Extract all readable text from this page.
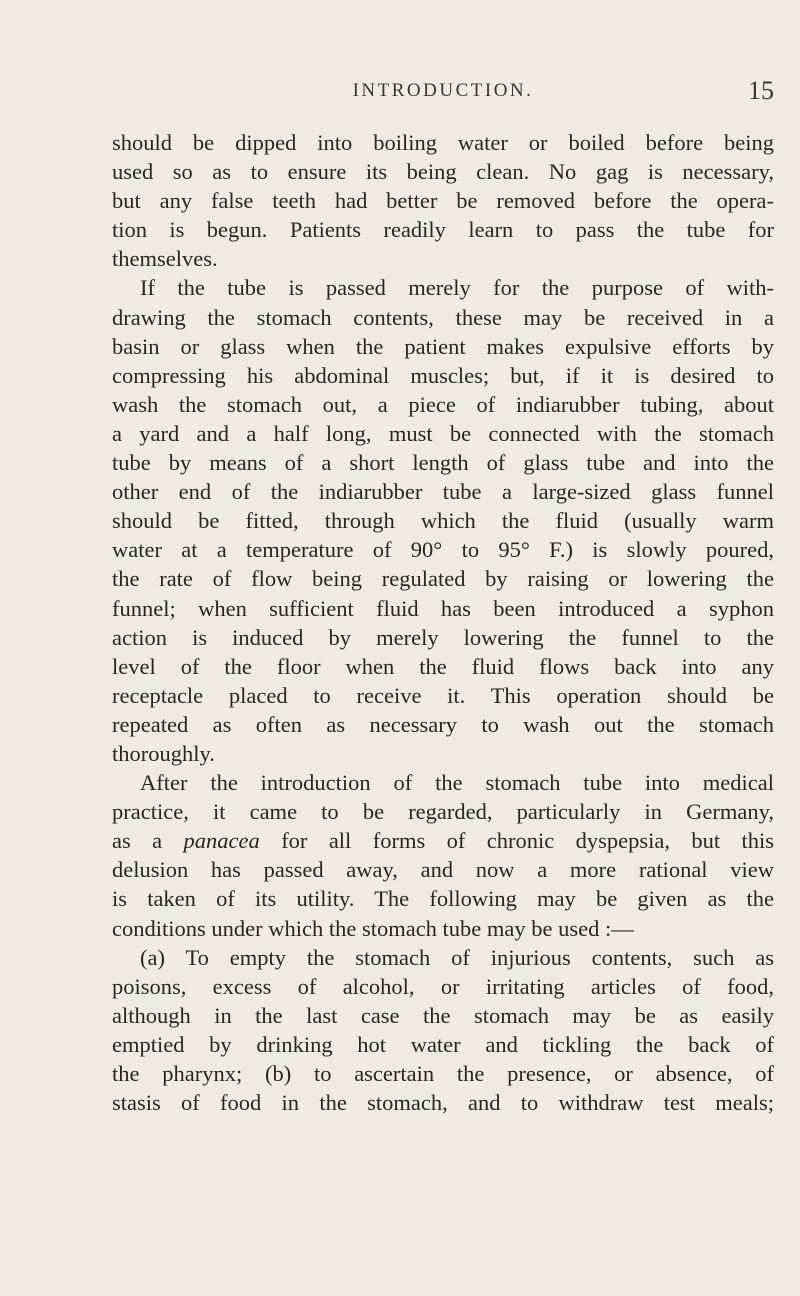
INTRODUCTION.	15
should be dipped into boiling water or boiled before being
used so as to ensure its being clean. No gag is necessary,
but any false teeth had better be removed before the opera-
tion is begun. Patients readily learn to pass the tube for
themselves.
If the tube is passed merely for the purpose of with-
drawing the stomach contents, these may be received in a
basin or glass when the patient makes expulsive efforts by
compressing his abdominal muscles; but, if it is desired to
wash the stomach out, a piece of indiarubber tubing, about
a yard and a half long, must be connected with the stomach
tube by means of a short length of glass tube and into the
other end of the indiarubber tube a large-sized glass funnel
should be fitted, through which the fluid (usually warm
water at a temperature of 90° to 95° F.) is slowly poured,
the rate of flow being regulated by raising or lowering the
funnel; when sufficient fluid has been introduced a syphon
action is induced by merely lowering the funnel to the
level of the floor when the fluid flows back into any
receptacle placed to receive it. This operation should be
repeated as often as necessary to wash out the stomach
thoroughly.
After the introduction of the stomach tube into medical
practice, it came to be regarded, particularly in Germany,
as a panacea for all forms of chronic dyspepsia, but this
delusion has passed away, and now a more rational view
is taken of its utility. The following may be given as the
conditions under which the stomach tube may be used :—
(a) To empty the stomach of injurious contents, such as
poisons, excess of alcohol, or irritating articles of food,
although in the last case the stomach may be as easily
emptied by drinking hot water and tickling the back of
the pharynx; (b) to ascertain the presence, or absence, of
stasis of food in the stomach, and to withdraw test meals;
